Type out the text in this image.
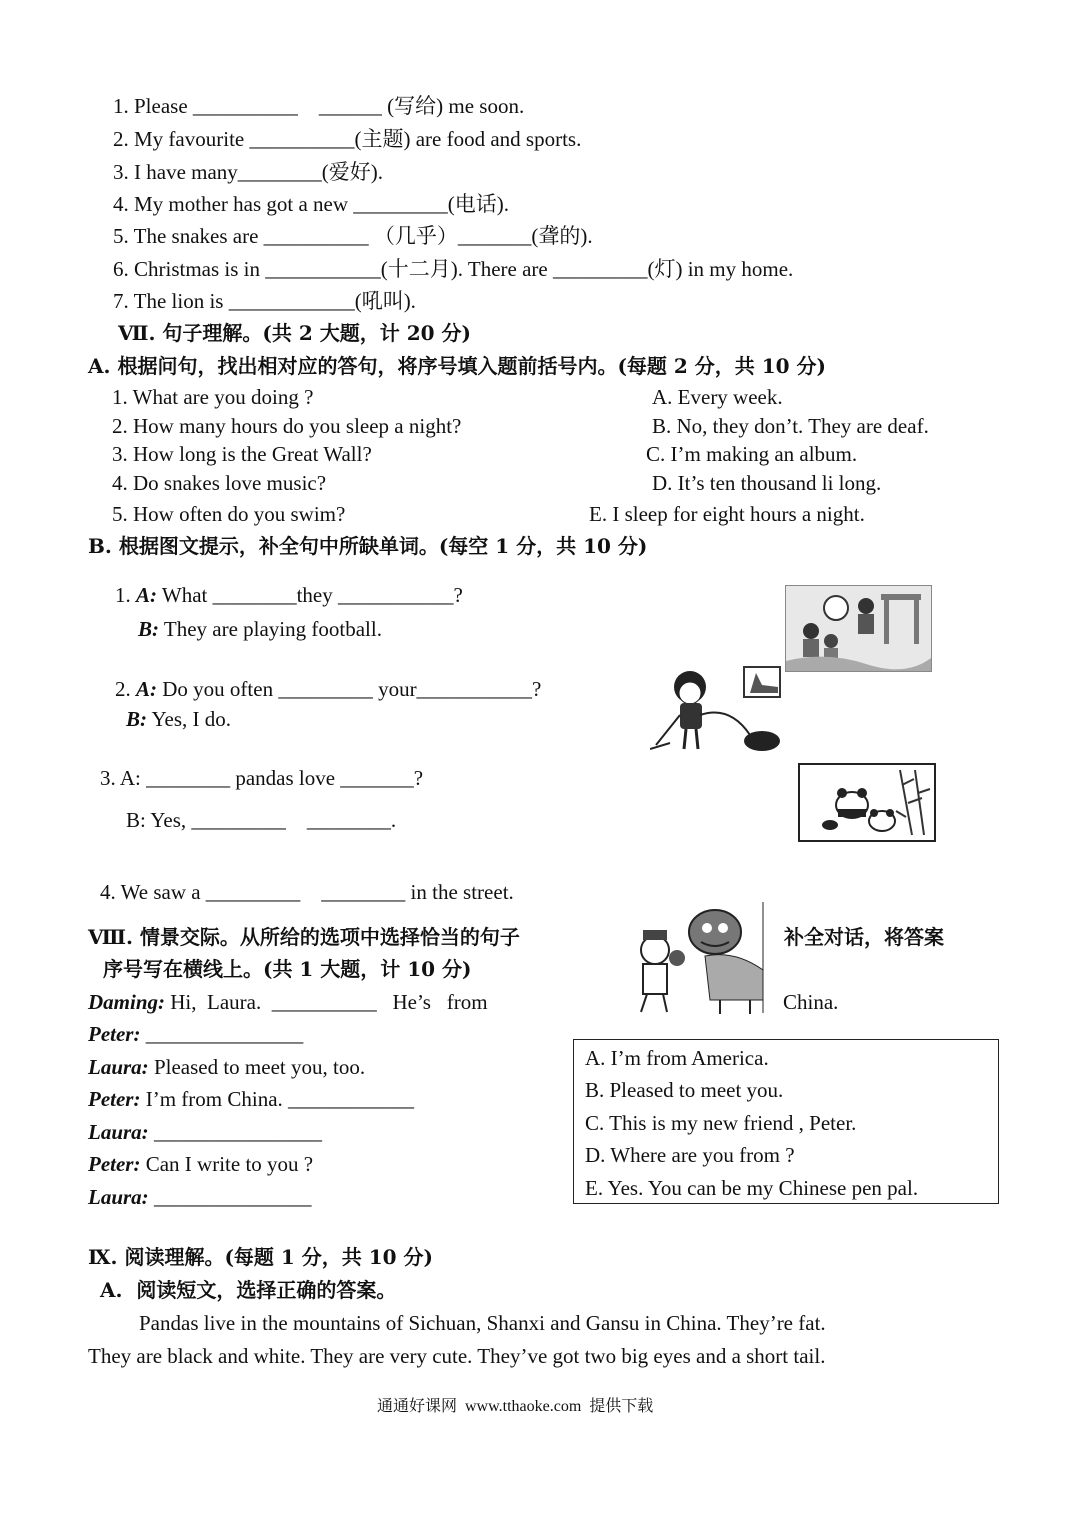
1. Please __________    ______ (写给) me soon.
2. My favourite __________(主题) are food and sports.
3. I have many________(爱好).
4. My mother has got a new _________(电话).
5. The snakes are __________ （几乎）_______(聋的).
6. Christmas is in ___________(十二月). There are _________(灯) in my home.
7. The lion is ____________(吼叫).
Ⅶ. 句子理解。(共 2 大题，计 20 分)
A. 根据问句，找出相对应的答句，将序号填入题前括号内。(每题 2 分，共 10 分)
1. What are you doing ?
2. How many hours do you sleep a night?
3. How long is the Great Wall?
4. Do snakes love music?
5. How often do you swim?
A. Every week.
B. No, they don’t. They are deaf.
C. I’m making an album.
D. It’s ten thousand li long.
E. I sleep for eight hours a night.
B. 根据图文提示，补全句中所缺单词。(每空 1 分，共 10 分)
1. A: What ________they ___________?
B: They are playing football.
2. A: Do you often _________ your___________?
B: Yes, I do.
3. A: ________ pandas love _______?
B: Yes, _________    ________.
4. We saw a _________    ________ in the street.
Ⅷ. 情景交际。从所给的选项中选择恰当的句子	补全对话，将答案
序号写在横线上。(共 1 大题，计 10 分)
Daming: Hi,  Laura.  __________   He’s   from	China.
Peter: _______________
Laura: Pleased to meet you, too.
Peter: I’m from China. ____________
Laura: ________________
Peter: Can I write to you ?
Laura: _______________
A. I’m from America.
B. Pleased to meet you.
C. This is my new friend , Peter.
D. Where are you from ?
E. Yes. You can be my Chinese pen pal.
Ⅸ. 阅读理解。(每题 1 分，共 10 分)
A.  阅读短文，选择正确的答案。
Pandas live in the mountains of Sichuan, Shanxi and Gansu in China. They’re fat.
They are black and white. They are very cute. They’ve got two big eyes and a short tail.
通通好课网  www.tthaoke.com  提供下载
